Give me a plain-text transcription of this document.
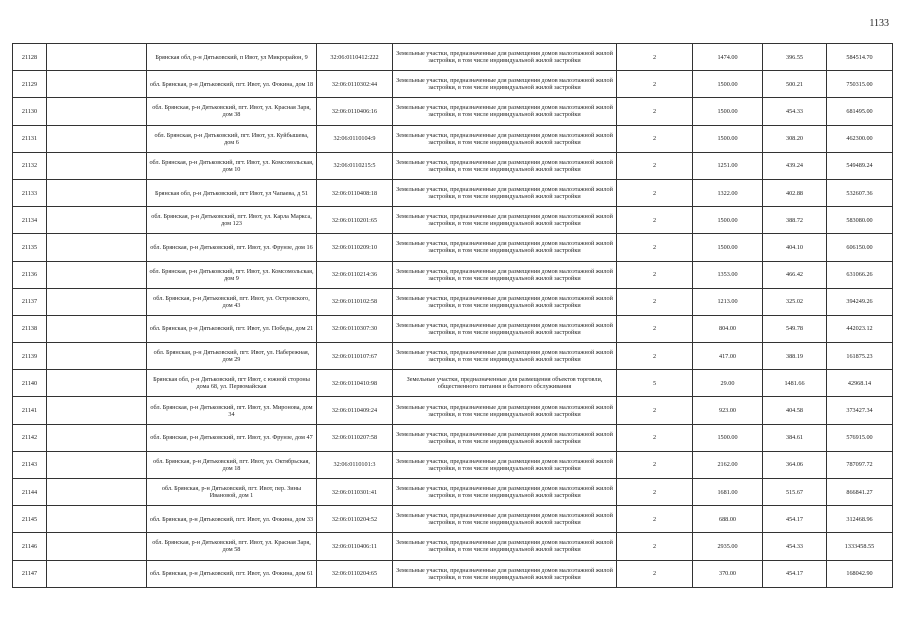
1133
21128		Брянская обл, р-н Дятьковский, п Ивот, ул Микрорайон, 9	32:06:0110412:222	Земельные участки, предназначенные для размещения домов малоэтажной жилой застройки, в том числе индивидуальной жилой застройки	2	1474.00	396.55	584514.70
21129		обл. Брянская, р-н Дятьковский, пгт. Ивот, ул. Фокина, дом 18	32:06:0110302:44	Земельные участки, предназначенные для размещения домов малоэтажной жилой застройки, в том числе индивидуальной жилой застройки	2	1500.00	500.21	750315.00
21130		обл. Брянская, р-н Дятьковский, пгт. Ивот, ул. Красная Заря, дом 38	32:06:0110406:16	Земельные участки, предназначенные для размещения домов малоэтажной жилой застройки, в том числе индивидуальной жилой застройки	2	1500.00	454.33	681495.00
21131		обл. Брянская, р-н Дятьковский, пгт. Ивот, ул. Куйбышева, дом 6	32:06:0110104:9	Земельные участки, предназначенные для размещения домов малоэтажной жилой застройки, в том числе индивидуальной жилой застройки	2	1500.00	308.20	462300.00
21132		обл. Брянская, р-н Дятьковский, пгт. Ивот, ул. Комсомольская, дом 10	32:06:0110215:5	Земельные участки, предназначенные для размещения домов малоэтажной жилой застройки, в том числе индивидуальной жилой застройки	2	1251.00	439.24	549489.24
21133		Брянская обл, р-н Дятьковский, пгт Ивот, ул Чапаева, д 51	32:06:0110408:18	Земельные участки, предназначенные для размещения домов малоэтажной жилой застройки, в том числе индивидуальной жилой застройки	2	1322.00	402.88	532607.36
21134		обл. Брянская, р-н Дятьковский, пгт. Ивот, ул. Карла Маркса, дом 123	32:06:0110201:65	Земельные участки, предназначенные для размещения домов малоэтажной жилой застройки, в том числе индивидуальной жилой застройки	2	1500.00	388.72	583080.00
21135		обл. Брянская, р-н Дятьковский, пгт. Ивот, ул. Фрунзе, дом 16	32:06:0110209:10	Земельные участки, предназначенные для размещения домов малоэтажной жилой застройки, в том числе индивидуальной жилой застройки	2	1500.00	404.10	606150.00
21136		обл. Брянская, р-н Дятьковский, пгт. Ивот, ул. Комсомольская, дом 9	32:06:0110214:36	Земельные участки, предназначенные для размещения домов малоэтажной жилой застройки, в том числе индивидуальной жилой застройки	2	1353.00	466.42	631066.26
21137		обл. Брянская, р-н Дятьковский, пгт. Ивот, ул. Островского, дом 43	32:06:0110102:58	Земельные участки, предназначенные для размещения домов малоэтажной жилой застройки, в том числе индивидуальной жилой застройки	2	1213.00	325.02	394249.26
21138		обл. Брянская, р-н Дятьковский, пгт. Ивот, ул. Победы, дом 21	32:06:0110307:30	Земельные участки, предназначенные для размещения домов малоэтажной жилой застройки, в том числе индивидуальной жилой застройки	2	804.00	549.78	442023.12
21139		обл. Брянская, р-н Дятьковский, пгт. Ивот, ул. Набережная, дом 29	32:06:0110107:67	Земельные участки, предназначенные для размещения домов малоэтажной жилой застройки, в том числе индивидуальной жилой застройки	2	417.00	388.19	161875.23
21140		Брянская обл, р-н Дятьковский, пгт Ивот, с южной стороны дома 68, ул. Первомайская	32:06:0110410:98	Земельные участки, предназначенные для размещения объектов торговли, общественного питания и бытового обслуживания	5	29.00	1481.66	42968.14
21141		обл. Брянская, р-н Дятьковский, пгт. Ивот, ул. Миронова, дом 34	32:06:0110409:24	Земельные участки, предназначенные для размещения домов малоэтажной жилой застройки, в том числе индивидуальной жилой застройки	2	923.00	404.58	373427.34
21142		обл. Брянская, р-н Дятьковский, пгт. Ивот, ул. Фрунзе, дом 47	32:06:0110207:58	Земельные участки, предназначенные для размещения домов малоэтажной жилой застройки, в том числе индивидуальной жилой застройки	2	1500.00	384.61	576915.00
21143		обл. Брянская, р-н Дятьковский, пгт. Ивот, ул. Октябрьская, дом 18	32:06:0110101:3	Земельные участки, предназначенные для размещения домов малоэтажной жилой застройки, в том числе индивидуальной жилой застройки	2	2162.00	364.06	787097.72
21144		обл. Брянская, р-н Дятьковский, пгт. Ивот, пер. Зины Ивановой, дом 1	32:06:0110301:41	Земельные участки, предназначенные для размещения домов малоэтажной жилой застройки, в том числе индивидуальной жилой застройки	2	1681.00	515.67	866841.27
21145		обл. Брянская, р-н Дятьковский, пгт. Ивот, ул. Фокина, дом 33	32:06:0110204:52	Земельные участки, предназначенные для размещения домов малоэтажной жилой застройки, в том числе индивидуальной жилой застройки	2	688.00	454.17	312468.96
21146		обл. Брянская, р-н Дятьковский, пгт. Ивот, ул. Красная Заря, дом 58	32:06:0110406:11	Земельные участки, предназначенные для размещения домов малоэтажной жилой застройки, в том числе индивидуальной жилой застройки	2	2935.00	454.33	1333458.55
21147		обл. Брянская, р-н Дятьковский, пгт. Ивот, ул. Фокина, дом 61	32:06:0110204:65	Земельные участки, предназначенные для размещения домов малоэтажной жилой застройки, в том числе индивидуальной жилой застройки	2	370.00	454.17	168042.90
